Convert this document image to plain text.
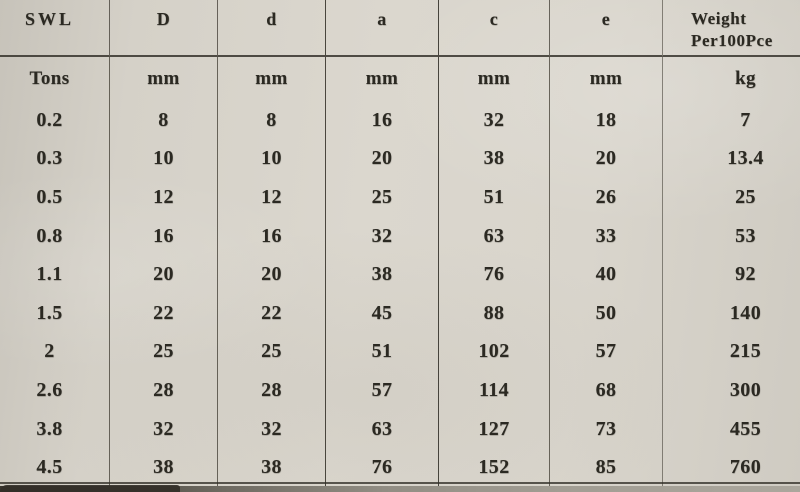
SWL	D	d	a	c	e	Weight
Per100Pce
Tons	mm	mm	mm	mm	mm	kg
0.2	8	8	16	32	18	7
0.3	10	10	20	38	20	13.4
0.5	12	12	25	51	26	25
0.8	16	16	32	63	33	53
1.1	20	20	38	76	40	92
1.5	22	22	45	88	50	140
2	25	25	51	102	57	215
2.6	28	28	57	114	68	300
3.8	32	32	63	127	73	455
4.5	38	38	76	152	85	760
